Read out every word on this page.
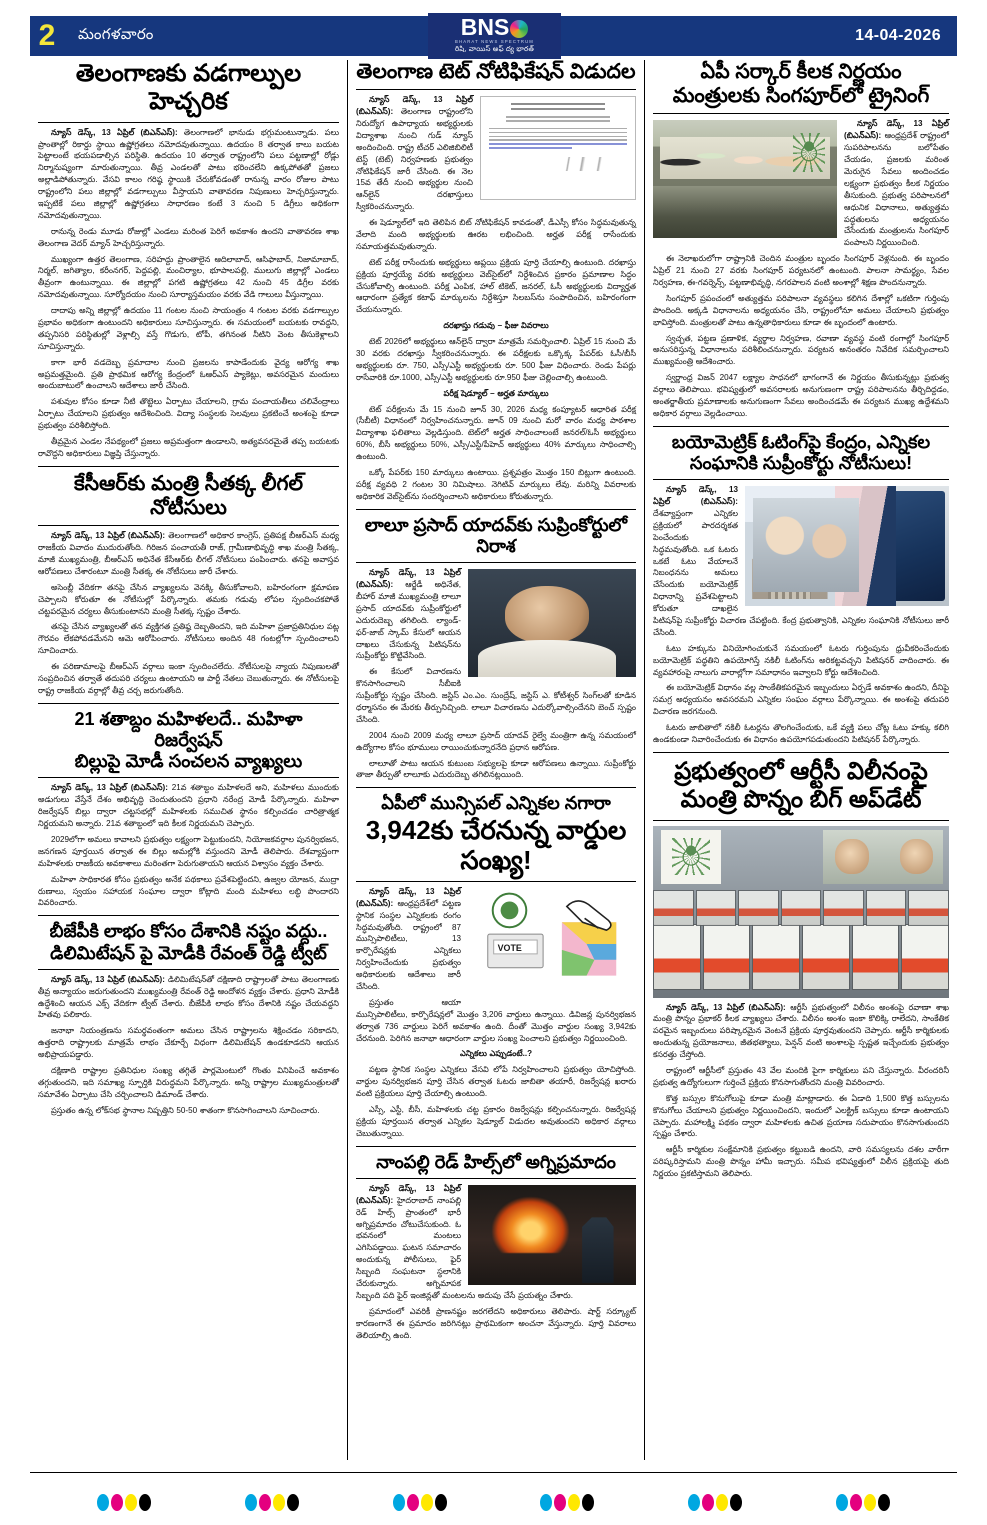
2	మంగళవారం	BNS
BHARAT NEWS SPECTRUM
రిషి, వాయిస్ అఫ్ ద్య భారత్
14-04-2026
తెలంగాణకు వడగాల్పుల హెచ్చరిక

న్యూస్ డెస్క్, 13 ఏప్రిల్ (బిఎన్ఎస్): తెలంగాణలో భానుడు భగ్గుమంటున్నాడు. పలు ప్రాంతాల్లో రికార్డు స్థాయి ఉష్ణోగ్రతలు నమోదవుతున్నాయి. ఉదయం 8 తర్వాత కాలు బయట పెట్టాలంటే భయపడాల్సిన పరిస్థితి. ఉదయం 10 తర్వాత రాష్ట్రంలోని పలు పట్టణాల్లో రోడ్లు నిర్మానుష్యంగా మారుతున్నాయి. తీవ్ర ఎండలతో పాటు భరించలేని ఉక్కపోతతో ప్రజలు అల్లాడిపోతున్నారు. వేసవి కాలం గరిష్ఠ స్థాయికి చేరుకోవడంతో రానున్న వారం రోజుల పాటు రాష్ట్రంలోని పలు జిల్లాల్లో వడగాల్పులు వీస్తాయని వాతావరణ నిపుణులు హెచ్చరిస్తున్నారు. ఇప్పటికే పలు జిల్లాల్లో ఉష్ణోగ్రతలు సాధారణం కంటే 3 నుంచి 5 డిగ్రీలు అధికంగా నమోదవుతున్నాయి.

రానున్న రెండు మూడు రోజుల్లో ఎండలు మరింత పెరిగే అవకాశం ఉందని వాతావరణ శాఖ తెలంగాణ వెదర్ మ్యాన్ హెచ్చరిస్తున్నారు.

ముఖ్యంగా ఉత్తర తెలంగాణ, సరిహద్దు ప్రాంతాలైన ఆదిలాబాద్, ఆసిఫాబాద్, నిజామాబాద్, నిర్మల్, జగిత్యాల, కరీంనగర్, పెద్దపల్లి, మంచిర్యాల, భూపాలపల్లి, ములుగు జిల్లాల్లో ఎండలు తీవ్రంగా ఉంటున్నాయి. ఈ జిల్లాల్లో పగటి ఉష్ణోగ్రతలు 42 నుంచి 45 డిగ్రీల వరకు నమోదవుతున్నాయి. సూర్యోదయం నుంచి సూర్యాస్తమయం వరకు వేడి గాలులు వీస్తున్నాయి.

దాదాపు అన్ని జిల్లాల్లో ఉదయం 11 గంటల నుంచి సాయంత్రం 4 గంటల వరకు వడగాల్పుల ప్రభావం అధికంగా ఉంటుందని అధికారులు సూచిస్తున్నారు. ఈ సమయంలో బయటకు రావద్దని, తప్పనిసరి పరిస్థితుల్లో వెళ్లాల్సి వస్తే గొడుగు, టోపీ, తగినంత నీటిని వెంట తీసుకెళ్లాలని సూచిస్తున్నారు.

కాగా భారీ వడదెబ్బ ప్రమాదాల నుంచి ప్రజలను కాపాడేందుకు వైద్య ఆరోగ్య శాఖ అప్రమత్తమైంది. ప్రతి ప్రాథమిక ఆరోగ్య కేంద్రంలో ఓఆర్ఎస్ ప్యాకెట్లు, అవసరమైన మందులు అందుబాటులో ఉంచాలని ఆదేశాలు జారీ చేసింది.

పశువుల కోసం కూడా నీటి తొట్టెలు ఏర్పాటు చేయాలని, గ్రామ పంచాయతీలు చలివేంద్రాలు ఏర్పాటు చేయాలని ప్రభుత్వం ఆదేశించింది. విద్యా సంస్థలకు సెలవులు ప్రకటించే అంశంపై కూడా ప్రభుత్వం పరిశీలిస్తోంది.

తీవ్రమైన ఎండల నేపథ్యంలో ప్రజలు అప్రమత్తంగా ఉండాలని, అత్యవసరమైతే తప్ప బయటకు రావొద్దని అధికారులు విజ్ఞప్తి చేస్తున్నారు.

కేసీఆర్‌కు మంత్రి సీతక్క లీగల్ నోటీసులు

న్యూస్ డెస్క్, 13 ఏప్రిల్ (బిఎన్ఎస్): తెలంగాణలో అధికార కాంగ్రెస్, ప్రతిపక్ష బీఆర్ఎస్ మధ్య రాజకీయ వివాదం ముదురుతోంది. గిరిజన పంచాయతీ రాజ్, గ్రామీణాభివృద్ధి శాఖ మంత్రి సీతక్క, మాజీ ముఖ్యమంత్రి, బీఆర్ఎస్ అధినేత కేసీఆర్‌కు లీగల్ నోటీసులు పంపించారు. తనపై అవాస్తవ ఆరోపణలు చేశారంటూ మంత్రి సీతక్క ఈ నోటీసులు జారీ చేశారు.

అసెంబ్లీ వేదికగా తనపై చేసిన వ్యాఖ్యలను వెనక్కి తీసుకోవాలని, బహిరంగంగా క్షమాపణ చెప్పాలని కోరుతూ ఈ నోటీసుల్లో పేర్కొన్నారు. తమకు గడువు లోపల స్పందించకపోతే చట్టపరమైన చర్యలు తీసుకుంటానని మంత్రి సీతక్క స్పష్టం చేశారు.

తనపై చేసిన వ్యాఖ్యలతో తన వ్యక్తిగత ప్రతిష్ఠ దెబ్బతిందని, ఇది మహిళా ప్రజాప్రతినిధుల పట్ల గౌరవం లేకపోవడమేనని ఆమె ఆరోపించారు. నోటీసులు అందిన 48 గంటల్లోగా స్పందించాలని సూచించారు.

ఈ పరిణామాలపై బీఆర్ఎస్ వర్గాలు ఇంకా స్పందించలేదు. నోటీసులపై న్యాయ నిపుణులతో సంప్రదించిన తర్వాతే తదుపరి చర్యలు ఉంటాయని ఆ పార్టీ నేతలు చెబుతున్నారు. ఈ నోటీసులపై రాష్ట్ర రాజకీయ వర్గాల్లో తీవ్ర చర్చ జరుగుతోంది.

21 శతాబ్దం మహిళలదే.. మహిళా రిజర్వేషన్
బిల్లుపై మోడీ సంచలన వ్యాఖ్యలు

న్యూస్ డెస్క్, 13 ఏప్రిల్ (బిఎన్ఎస్): 21వ శతాబ్దం మహిళలదే అని, మహిళలు ముందుకు అడుగులు వేస్తేనే దేశం అభివృద్ధి చెందుతుందని ప్రధాని నరేంద్ర మోడీ పేర్కొన్నారు. మహిళా రిజర్వేషన్ బిల్లు ద్వారా చట్టసభల్లో మహిళలకు సముచిత స్థానం కల్పించడం చారిత్రాత్మక నిర్ణయమని అన్నారు. 21వ శతాబ్దంలో ఇది కీలక నిర్ణయమని చెప్పారు.

2029లోగా అమలు కావాలని ప్రభుత్వం లక్ష్యంగా పెట్టుకుందని, నియోజకవర్గాల పునర్విభజన, జనగణన పూర్తయిన తర్వాత ఈ బిల్లు అమల్లోకి వస్తుందని మోడీ తెలిపారు. దేశవ్యాప్తంగా మహిళలకు రాజకీయ అవకాశాలు మరింతగా పెరుగుతాయని ఆయన విశ్వాసం వ్యక్తం చేశారు.

మహిళా సాధికారత కోసం ప్రభుత్వం అనేక పథకాలు ప్రవేశపెట్టిందని, ఉజ్వల యోజన, ముద్రా రుణాలు, స్వయం సహాయక సంఘాల ద్వారా కోట్లాది మంది మహిళలు లబ్ధి పొందారని వివరించారు.

బీజేపీకి లాభం కోసం దేశానికి నష్టం వద్దు..
డిలిమిటేషన్ పై మోడీకి రేవంత్ రెడ్డి ట్వీట్

న్యూస్ డెస్క్, 13 ఏప్రిల్ (బిఎన్ఎస్): డిలిమిటేషన్‌తో దక్షిణాది రాష్ట్రాలతో పాటు తెలంగాణకు తీవ్ర అన్యాయం జరుగుతుందని ముఖ్యమంత్రి రేవంత్ రెడ్డి ఆందోళన వ్యక్తం చేశారు. ప్రధాని మోడీకి ఉద్దేశించి ఆయన ఎక్స్ వేదికగా ట్వీట్ చేశారు. బీజేపీకి లాభం కోసం దేశానికి నష్టం చేయవద్దని హితవు పలికారు.

జనాభా నియంత్రణను సమర్థవంతంగా అమలు చేసిన రాష్ట్రాలను శిక్షించడం సరికాదని, ఉత్తరాది రాష్ట్రాలకు మాత్రమే లాభం చేకూర్చే విధంగా డిలిమిటేషన్ ఉండకూడదని ఆయన అభిప్రాయపడ్డారు.

దక్షిణాది రాష్ట్రాల ప్రతినిధుల సంఖ్య తగ్గితే పార్లమెంటులో గొంతు వినిపించే అవకాశం తగ్గుతుందని, ఇది సమాఖ్య స్ఫూర్తికి విరుద్ధమని పేర్కొన్నారు. అన్ని రాష్ట్రాల ముఖ్యమంత్రులతో సమావేశం ఏర్పాటు చేసి చర్చించాలని డిమాండ్ చేశారు.

ప్రస్తుతం ఉన్న లోక్‌సభ స్థానాల నిష్పత్తిని 50-50 శాతంగా కొనసాగించాలని సూచించారు.

తెలంగాణ టెట్ నోటిఫికేషన్ విడుదల

న్యూస్ డెస్క్, 13 ఏప్రిల్ (బిఎన్ఎస్): తెలంగాణ రాష్ట్రంలోని నిరుద్యోగ ఉపాధ్యాయ అభ్యర్థులకు విద్యాశాఖ నుంచి గుడ్ న్యూస్ అందించింది. రాష్ట్ర టీచర్ ఎలిజిబిలిటీ టెస్ట్ (టెట్) నిర్వహణకు ప్రభుత్వం నోటిఫికేషన్ జారీ చేసింది. ఈ నెల 15వ తేదీ నుంచి అభ్యర్థుల నుంచి ఆన్‌లైన్ దరఖాస్తులు స్వీకరించనున్నారు.

ఈ షెడ్యూల్‌లో ఇది తెలిపిన బిట్ నోటిఫికేషన్ కావడంతో, డీఎస్సీ కోసం సిద్ధమవుతున్న వేలాది మంది అభ్యర్థులకు ఊరట లభించింది. అర్హత పరీక్ష రాసేందుకు సమాయత్తమవుతున్నారు.

టెట్ పరీక్ష రాసేందుకు అభ్యర్థులు అప్లయి ప్రక్రియ పూర్తి చేయాల్సి ఉంటుంది. దరఖాస్తు ప్రక్రియ పూర్తయ్యే వరకు అభ్యర్థులు వెబ్‌సైట్‌లో నిర్దేశించిన ప్రకారం ప్రమాణాల సిద్ధం చేసుకోవాల్సి ఉంటుంది. పరీక్ష ఎంపిక, హాల్ టికెట్, జనరల్, ఓసీ అభ్యర్థులకు విద్యార్హత ఆధారంగా ప్రత్యేక కటాఫ్ మార్కులను నిర్దేశిస్తూ సిలబస్‌ను సంపాదించిన, బహిరంగంగా చేయనున్నారు.

దరఖాస్తు గడువు – ఫీజు వివరాలు

టెట్ 2026లో అభ్యర్థులు ఆన్‌లైన్ ద్వారా మాత్రమే సమర్పించాలి. ఏప్రిల్ 15 నుంచి మే 30 వరకు దరఖాస్తు స్వీకరించనున్నారు. ఈ పరీక్షలకు ఒక్కొక్క పేపర్‌కు ఓసీ/బీసీ అభ్యర్థులకు రూ. 750, ఎస్సీ/ఎస్టీ అభ్యర్థులకు రూ. 500 ఫీజు విధించారు. రెండు పేపర్లు రాసేవారికి రూ.1000, ఎస్సీ/ఎస్టీ అభ్యర్థులకు రూ.950 ఫీజు చెల్లించాల్సి ఉంటుంది.

పరీక్ష షెడ్యూల్ – అర్హత మార్కులు

టెట్ పరీక్షలను మే 15 నుంచి జూన్ 30, 2026 మధ్య కంప్యూటర్ ఆధారిత పరీక్ష (సీబీటీ) విధానంలో నిర్వహించనున్నారు. జూన్ 09 నుంచి మరో వారం మధ్య పాఠశాల విద్యాశాఖ ఫలితాలు వెల్లడిస్తుంది. టెట్‌లో అర్హత సాధించాలంటే జనరల్/ఓసీ అభ్యర్థులు 60%, బీసీ అభ్యర్థులు 50%, ఎస్సీ/ఎస్టీ/పీహెచ్ అభ్యర్థులు 40% మార్కులు సాధించాల్సి ఉంటుంది.

ఒక్కో పేపర్‌కు 150 మార్కులు ఉంటాయి. ప్రశ్నపత్రం మొత్తం 150 బిట్లుగా ఉంటుంది. పరీక్ష వ్యవధి 2 గంటల 30 నిమిషాలు. నెగిటివ్ మార్కులు లేవు. మరిన్ని వివరాలకు అధికారిక వెబ్‌సైట్‌ను సందర్శించాలని అధికారులు కోరుతున్నారు.

లాలూ ప్రసాద్ యాదవ్‌కు సుప్రింకోర్టులో నిరాశ

న్యూస్ డెస్క్, 13 ఏప్రిల్ (బిఎన్ఎస్): ఆర్జేడీ అధినేత, బీహార్ మాజీ ముఖ్యమంత్రి లాలూ ప్రసాద్ యాదవ్‌కు సుప్రీంకోర్టులో ఎదురుదెబ్బ తగిలింది. ల్యాండ్-ఫర్-జాబ్ స్కామ్ కేసులో ఆయన దాఖలు చేసుకున్న పిటిషన్‌ను సుప్రీంకోర్టు కొట్టివేసింది.

ఈ కేసులో విచారణను కొనసాగించాలని సీబీఐకి సుప్రీంకోర్టు స్పష్టం చేసింది. జస్టిస్ ఎం.ఎం. సుంద్రేష్, జస్టిస్ ఎ. కోటీశ్వర్ సింగ్‌లతో కూడిన ధర్మాసనం ఈ మేరకు తీర్పునిచ్చింది. లాలూ విచారణను ఎదుర్కోవాల్సిందేనని బెంచ్ స్పష్టం చేసింది.

2004 నుంచి 2009 మధ్య లాలూ ప్రసాద్ యాదవ్ రైల్వే మంత్రిగా ఉన్న సమయంలో ఉద్యోగాల కోసం భూములు రాయించుకున్నారనేది ప్రధాన ఆరోపణ.

లాలూతో పాటు ఆయన కుటుంబ సభ్యులపై కూడా ఆరోపణలు ఉన్నాయి. సుప్రీంకోర్టు తాజా తీర్పుతో లాలూకు ఎదురుదెబ్బ తగిలినట్లయింది.

ఏపీలో మున్సిపల్ ఎన్నికల నగారా
3,942కు చేరనున్న వార్డుల సంఖ్య!
VOTE

న్యూస్ డెస్క్, 13 ఏప్రిల్ (బిఎన్ఎస్): ఆంధ్రప్రదేశ్‌లో పట్టణ స్థానిక సంస్థల ఎన్నికలకు రంగం సిద్ధమవుతోంది. రాష్ట్రంలో 87 మున్సిపాలిటీలు, 13 కార్పొరేషన్లకు ఎన్నికలు నిర్వహించేందుకు ప్రభుత్వం అధికారులకు ఆదేశాలు జారీ చేసింది.

ప్రస్తుతం ఆయా మున్సిపాలిటీలు, కార్పొరేషన్లలో మొత్తం 3,206 వార్డులు ఉన్నాయి. డివిజన్ల పునర్విభజన తర్వాత 736 వార్డులు పెరిగే అవకాశం ఉంది. దీంతో మొత్తం వార్డుల సంఖ్య 3,942కు చేరనుంది. పెరిగిన జనాభా ఆధారంగా వార్డుల సంఖ్య పెంచాలని ప్రభుత్వం నిర్ణయించింది.

ఎన్నికలు ఎప్పుడంటే..?

పట్టణ స్థానిక సంస్థల ఎన్నికలు వేసవి లోపే నిర్వహించాలని ప్రభుత్వం యోచిస్తోంది. వార్డుల పునర్విభజన పూర్తి చేసిన తర్వాత ఓటరు జాబితా తయారీ, రిజర్వేషన్ల ఖరారు వంటి ప్రక్రియలు పూర్తి చేయాల్సి ఉంటుంది.

ఎస్సీ, ఎస్టీ, బీసీ, మహిళలకు చట్ట ప్రకారం రిజర్వేషన్లు కల్పించనున్నారు. రిజర్వేషన్ల ప్రక్రియ పూర్తయిన తర్వాత ఎన్నికల షెడ్యూల్ విడుదల అవుతుందని అధికార వర్గాలు చెబుతున్నాయి.

నాంపల్లి రెడ్ హిల్స్‌లో అగ్నిప్రమాదం

న్యూస్ డెస్క్, 13 ఏప్రిల్ (బిఎన్ఎస్): హైదరాబాద్ నాంపల్లి రెడ్ హిల్స్ ప్రాంతంలో భారీ అగ్నిప్రమాదం చోటుచేసుకుంది. ఓ భవనంలో మంటలు ఎగిసిపడ్డాయి. ఘటన సమాచారం అందుకున్న పోలీసులు, ఫైర్ సిబ్బంది సంఘటనా స్థలానికి చేరుకున్నారు. అగ్నిమాపక సిబ్బంది పది ఫైర్ ఇంజిన్లతో మంటలను అదుపు చేసే ప్రయత్నం చేశారు.

ప్రమాదంలో ఎవరికీ ప్రాణనష్టం జరగలేదని అధికారులు తెలిపారు. షార్ట్ సర్క్యూట్ కారణంగానే ఈ ప్రమాదం జరిగినట్లు ప్రాథమికంగా అంచనా వేస్తున్నారు. పూర్తి వివరాలు తెలియాల్సి ఉంది.

ఏపీ సర్కార్ కీలక నిర్ణయం
మంత్రులకు సింగపూర్‌లో ట్రైనింగ్

న్యూస్ డెస్క్, 13 ఏప్రిల్ (బిఎన్ఎస్): ఆంధ్రప్రదేశ్ రాష్ట్రంలో సుపరిపాలనను బలోపేతం చేయడం, ప్రజలకు మరింత మెరుగైన సేవలు అందించడం లక్ష్యంగా ప్రభుత్వం కీలక నిర్ణయం తీసుకుంది. ప్రభుత్వ పరిపాలనలో ఆధునిక విధానాలు, అత్యుత్తమ పద్ధతులను అధ్యయనం చేసేందుకు మంత్రులను సింగపూర్ పంపాలని నిర్ణయించింది.

ఈ నెలాఖరులోగా రాష్ట్రానికి చెందిన మంత్రుల బృందం సింగపూర్ వెళ్లనుంది. ఈ బృందం ఏప్రిల్ 21 నుంచి 27 వరకు సింగపూర్ పర్యటనలో ఉంటుంది. పాలనా సామర్థ్యం, సేవల నిర్వహణ, ఈ-గవర్నెన్స్, పట్టణాభివృద్ధి, నగరపాలన వంటి అంశాల్లో శిక్షణ పొందనున్నారు.

సింగపూర్ ప్రపంచంలో అత్యుత్తమ పరిపాలనా వ్యవస్థలు కలిగిన దేశాల్లో ఒకటిగా గుర్తింపు పొందింది. అక్కడి విధానాలను అధ్యయనం చేసి, రాష్ట్రంలోనూ అమలు చేయాలని ప్రభుత్వం భావిస్తోంది. మంత్రులతో పాటు ఉన్నతాధికారులు కూడా ఈ బృందంలో ఉంటారు.

స్వచ్ఛత, పట్టణ ప్రణాళిక, వ్యర్థాల నిర్వహణ, రవాణా వ్యవస్థ వంటి రంగాల్లో సింగపూర్ అనుసరిస్తున్న విధానాలను పరిశీలించనున్నారు. పర్యటన అనంతరం నివేదిక సమర్పించాలని ముఖ్యమంత్రి ఆదేశించారు.

స్వర్ణాంధ్ర విజన్ 2047 లక్ష్యాల సాధనలో భాగంగానే ఈ నిర్ణయం తీసుకున్నట్లు ప్రభుత్వ వర్గాలు తెలిపాయి. భవిష్యత్తులో అవసరాలకు అనుగుణంగా రాష్ట్ర పరిపాలనను తీర్చిదిద్దడం, అంతర్జాతీయ ప్రమాణాలకు అనుగుణంగా సేవలు అందించడమే ఈ పర్యటన ముఖ్య ఉద్దేశమని అధికార వర్గాలు వెల్లడించాయి.

బయోమెట్రిక్ ఓటింగ్‌పై కేంద్రం, ఎన్నికల
సంఘానికి సుప్రీంకోర్టు నోటీసులు!

న్యూస్ డెస్క్, 13 ఏప్రిల్ (బిఎన్ఎస్): దేశవ్యాప్తంగా ఎన్నికల ప్రక్రియలో పారదర్శకత పెంచేందుకు సిద్ధమవుతోంది. ఒక ఓటరు ఒకటే ఓటు వేయాలనే నిబంధనను అమలు చేసేందుకు బయోమెట్రిక్ విధానాన్ని ప్రవేశపెట్టాలని కోరుతూ దాఖలైన పిటిషన్‌పై సుప్రీంకోర్టు విచారణ చేపట్టింది. కేంద్ర ప్రభుత్వానికి, ఎన్నికల సంఘానికి నోటీసులు జారీ చేసింది.

ఓటు హక్కును వినియోగించుకునే సమయంలో ఓటరు గుర్తింపును ధ్రువీకరించేందుకు బయోమెట్రిక్ పద్ధతిని ఉపయోగిస్తే నకిలీ ఓటింగ్‌ను అరికట్టవచ్చని పిటిషనర్ వాదించారు. ఈ వ్యవహారంపై నాలుగు వారాల్లోగా సమాధానం ఇవ్వాలని కోర్టు ఆదేశించింది.

ఈ బయోమెట్రిక్ విధానం వల్ల సాంకేతికపరమైన ఇబ్బందులు ఏర్పడే అవకాశం ఉందని, దీనిపై సమగ్ర అధ్యయనం అవసరమని ఎన్నికల సంఘం వర్గాలు పేర్కొన్నాయి. ఈ అంశంపై తదుపరి విచారణ జరగనుంది.

ఓటరు జాబితాలో నకిలీ ఓటర్లను తొలగించేందుకు, ఒకే వ్యక్తి పలు చోట్ల ఓటు హక్కు కలిగి ఉండకుండా నివారించేందుకు ఈ విధానం ఉపయోగపడుతుందని పిటిషనర్ పేర్కొన్నారు.

ప్రభుత్వంలో ఆర్టీసీ విలీనంపై
మంత్రి పొన్నం బిగ్ అప్‌డేట్

న్యూస్ డెస్క్, 13 ఏప్రిల్ (బిఎన్ఎస్): ఆర్టీసీ ప్రభుత్వంలో విలీనం అంశంపై రవాణా శాఖ మంత్రి పొన్నం ప్రభాకర్ కీలక వ్యాఖ్యలు చేశారు. విలీనం అంశం ఇంకా కొలిక్కి రాలేదని, సాంకేతిక పరమైన ఇబ్బందులు పరిష్కారమైన వెంటనే ప్రక్రియ పూర్తవుతుందని చెప్పారు. ఆర్టీసీ కార్మికులకు అందుతున్న ప్రయోజనాలు, జీతభత్యాలు, పెన్షన్ వంటి అంశాలపై స్పష్టత ఇచ్చేందుకు ప్రభుత్వం కసరత్తు చేస్తోంది.

రాష్ట్రంలో ఆర్టీసీలో ప్రస్తుతం 43 వేల మందికి పైగా కార్మికులు పని చేస్తున్నారు. వీరందరినీ ప్రభుత్వ ఉద్యోగులుగా గుర్తించే ప్రక్రియ కొనసాగుతోందని మంత్రి వివరించారు.

కొత్త బస్సుల కొనుగోలుపై కూడా మంత్రి మాట్లాడారు. ఈ ఏడాది 1,500 కొత్త బస్సులను కొనుగోలు చేయాలని ప్రభుత్వం నిర్ణయించిందని, ఇందులో ఎలక్ట్రిక్ బస్సులు కూడా ఉంటాయని చెప్పారు. మహాలక్ష్మి పథకం ద్వారా మహిళలకు ఉచిత ప్రయాణ సదుపాయం కొనసాగుతుందని స్పష్టం చేశారు.

ఆర్టీసీ కార్మికుల సంక్షేమానికి ప్రభుత్వం కట్టుబడి ఉందని, వారి సమస్యలను దశల వారీగా పరిష్కరిస్తామని మంత్రి పొన్నం హామీ ఇచ్చారు. సమీప భవిష్యత్తులో విలీన ప్రక్రియపై తుది నిర్ణయం ప్రకటిస్తామని తెలిపారు.
